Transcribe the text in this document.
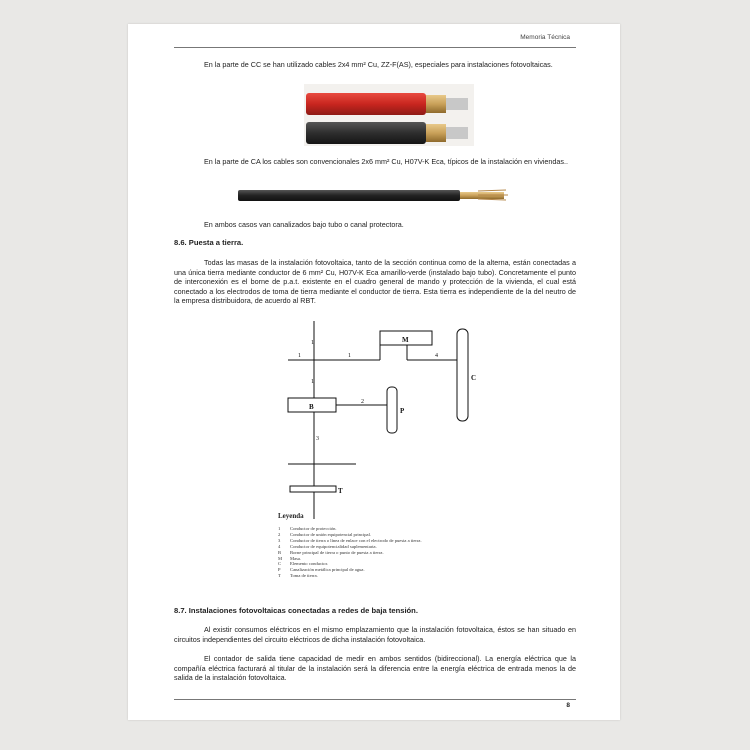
Memoria Técnica
En la parte de CC se han utilizado cables 2x4 mm² Cu, ZZ-F(AS), especiales para instalaciones fotovoltaicas.
1
1	1
1
2
3
4
M
B
C
P
T
En la parte de CA los cables son convencionales 2x6 mm² Cu, H07V-K Eca, típicos de la instalación en viviendas..
En ambos casos van canalizados bajo tubo o canal protectora.
8.6. Puesta a tierra.
Todas las masas de la instalación fotovoltaica, tanto de la sección continua como de la alterna, están conectadas a una única tierra mediante conductor de 6 mm² Cu, H07V-K Eca amarillo-verde (instalado bajo tubo). Concretamente el punto de interconexión es el borne de p.a.t. existente en el cuadro general de mando y protección de la vivienda, el cual está conectado a los electrodos de toma de tierra mediante el conductor de tierra. Esta tierra es independiente de la del neutro de la empresa distribuidora, de acuerdo al RBT.
Leyenda
1 Conductor de protección.
2 Conductor de unión equipotencial principal.
3 Conductor de tierra o línea de enlace con el electrodo de puesta a tierra.
4 Conductor de equipotencialidad suplementaria.
B Borne principal de tierra o punto de puesta a tierra.
M Masa.
C Elemento conductor.
P Canalización metálica principal de agua.
T Toma de tierra.
8.7. Instalaciones fotovoltaicas conectadas a redes de baja tensión.
Al existir consumos eléctricos en el mismo emplazamiento que la instalación fotovoltaica, éstos se han situado en circuitos independientes del circuito eléctricos de dicha instalación fotovoltaica.
El contador de salida tiene capacidad de medir en ambos sentidos (bidireccional). La energía eléctrica que la compañía eléctrica facturará al titular de la instalación será la diferencia entre la energía eléctrica de entrada menos la de salida de la instalación fotovoltaica.
8
